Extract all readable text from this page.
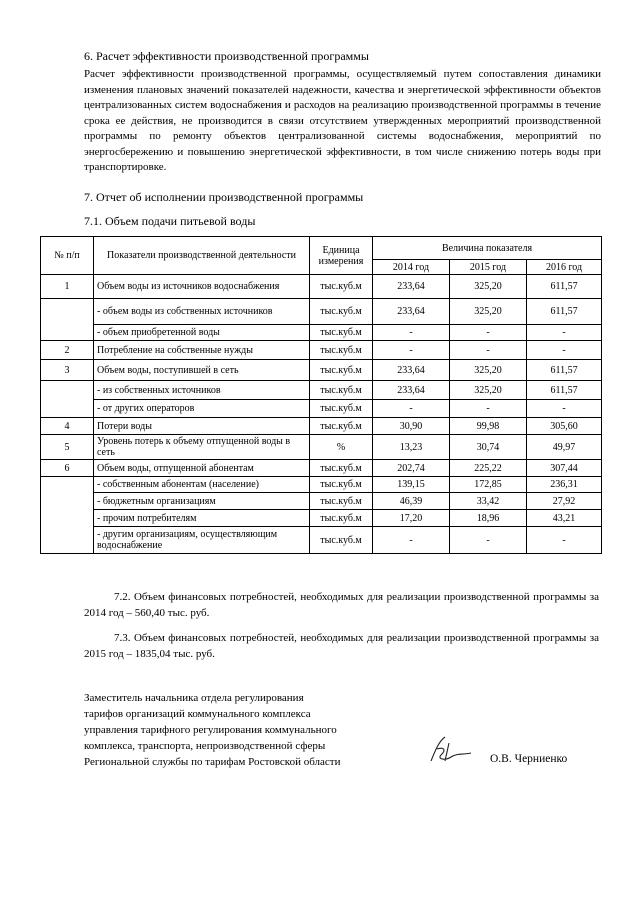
6. Расчет эффективности производственной программы
Расчет эффективности производственной программы, осуществляемый путем сопоставления динамики изменения плановых значений показателей надежности, качества и энергетической эффективности объектов централизованных систем водоснабжения и расходов на реализацию производственной программы в течение срока ее действия, не производится в связи отсутствием утвержденных мероприятий производственной программы по ремонту объектов централизованной системы водоснабжения, мероприятий по энергосбережению и повышению энергетической эффективности, в том числе снижению потерь воды при транспортировке.
7. Отчет об исполнении производственной программы
7.1. Объем подачи питьевой воды
№ п/п	Показатели производственной деятельности	Единица измерения	Величина показателя		
			2014 год	2015 год	2016 год
1	Объем воды из источников водоснабжения	тыс.куб.м	233,64	325,20	611,57
	- объем воды из собственных источников	тыс.куб.м	233,64	325,20	611,57
	- объем приобретенной воды	тыс.куб.м	-	-	-
2	Потребление на собственные нужды	тыс.куб.м	-	-	-
3	Объем воды, поступившей в сеть	тыс.куб.м	233,64	325,20	611,57
	- из собственных источников	тыс.куб.м	233,64	325,20	611,57
	- от других операторов	тыс.куб.м	-	-	-
4	Потери воды	тыс.куб.м	30,90	99,98	305,60
5	Уровень потерь к объему отпущенной воды в сеть	%	13,23	30,74	49,97
6	Объем воды, отпущенной абонентам	тыс.куб.м	202,74	225,22	307,44
	- собственным абонентам (население)	тыс.куб.м	139,15	172,85	236,31
	- бюджетным организациям	тыс.куб.м	46,39	33,42	27,92
	- прочим потребителям	тыс.куб.м	17,20	18,96	43,21
	- другим организациям, осуществляющим водоснабжение	тыс.куб.м	-	-	-
7.2. Объем финансовых потребностей, необходимых для реализации производственной программы за 2014 год – 560,40 тыс. руб.
7.3. Объем финансовых потребностей, необходимых для реализации производственной программы за 2015 год – 1835,04 тыс. руб.
Заместитель начальника отдела регулирования
тарифов организаций коммунального комплекса
управления тарифного регулирования коммунального
комплекса, транспорта, непроизводственной сферы
Региональной службы по тарифам Ростовской области	О.В. Черниенко
